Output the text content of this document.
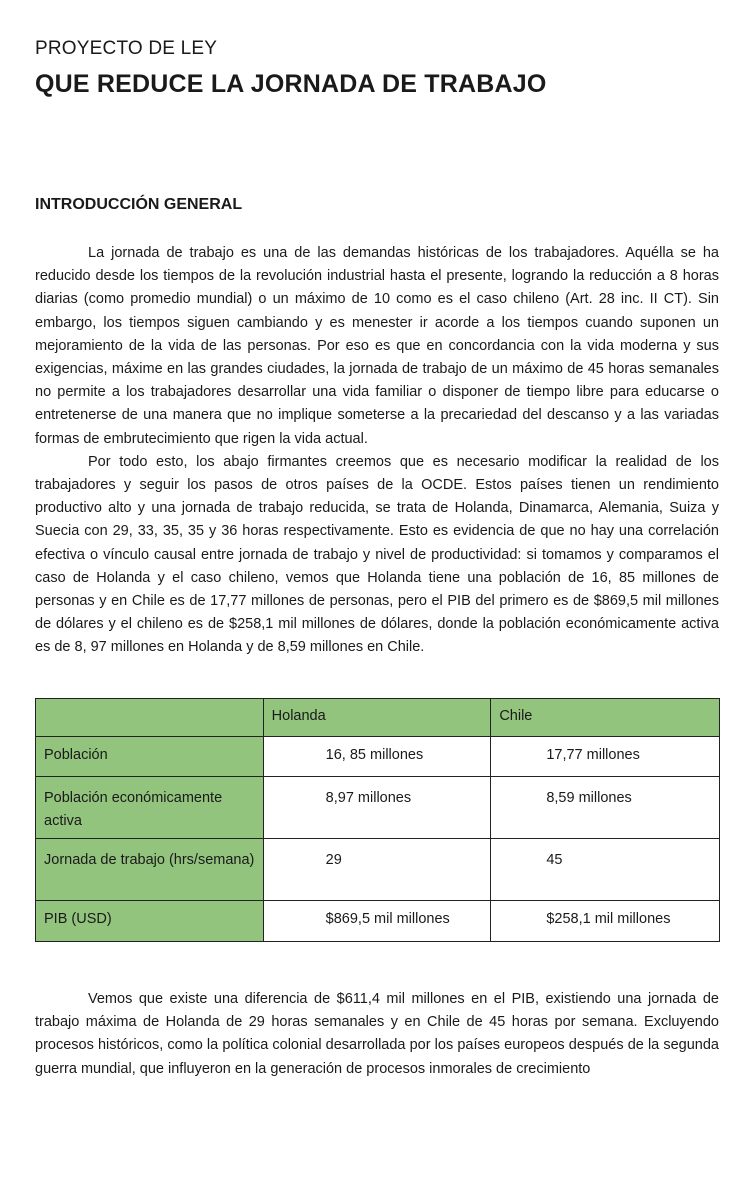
PROYECTO DE LEY
QUE REDUCE LA JORNADA DE TRABAJO
INTRODUCCIÓN GENERAL

La jornada de trabajo es una de las demandas históricas de los trabajadores. Aquélla se ha reducido desde los tiempos de la revolución industrial hasta el presente, logrando la reducción a 8 horas diarias (como promedio mundial) o un máximo de 10 como es el caso chileno (Art. 28 inc. II CT). Sin embargo, los tiempos siguen cambiando y es menester ir acorde a los tiempos cuando suponen un mejoramiento de la vida de las personas. Por eso es que en concordancia con la vida moderna y sus exigencias, máxime en las grandes ciudades, la jornada de trabajo de un máximo de 45 horas semanales no permite a los trabajadores desarrollar una vida familiar o disponer de tiempo libre para educarse o entretenerse de una manera que no implique someterse a la precariedad del descanso y a las variadas formas de embrutecimiento que rigen la vida actual.

Por todo esto, los abajo firmantes creemos que es necesario modificar la realidad de los trabajadores y seguir los pasos de otros países de la OCDE. Estos países tienen un rendimiento productivo alto y una jornada de trabajo reducida, se trata de Holanda, Dinamarca, Alemania, Suiza y Suecia con 29, 33, 35, 35 y 36 horas respectivamente. Esto es evidencia de que no hay una correlación efectiva o vínculo causal entre jornada de trabajo y nivel de productividad: si tomamos y comparamos el caso de Holanda y el caso chileno, vemos que Holanda tiene una población de 16, 85 millones de personas y en Chile es de 17,77 millones de personas, pero el PIB del primero es de $869,5 mil millones de dólares y el chileno es de $258,1 mil millones de dólares, donde la población económicamente activa es de 8, 97 millones en Holanda y de 8,59 millones en Chile.

	Holanda	Chile
Población	16, 85 millones	17,77 millones
Población económicamente activa	8,97 millones	8,59 millones
Jornada de trabajo (hrs/semana)	29	45
PIB (USD)	$869,5 mil millones	$258,1 mil millones

Vemos que existe una diferencia de $611,4 mil millones en el PIB, existiendo una jornada de trabajo máxima de Holanda de 29 horas semanales y en Chile de 45 horas por semana. Excluyendo procesos históricos, como la política colonial desarrollada por los países europeos después de la segunda guerra mundial, que influyeron en la generación de procesos inmorales de crecimiento
